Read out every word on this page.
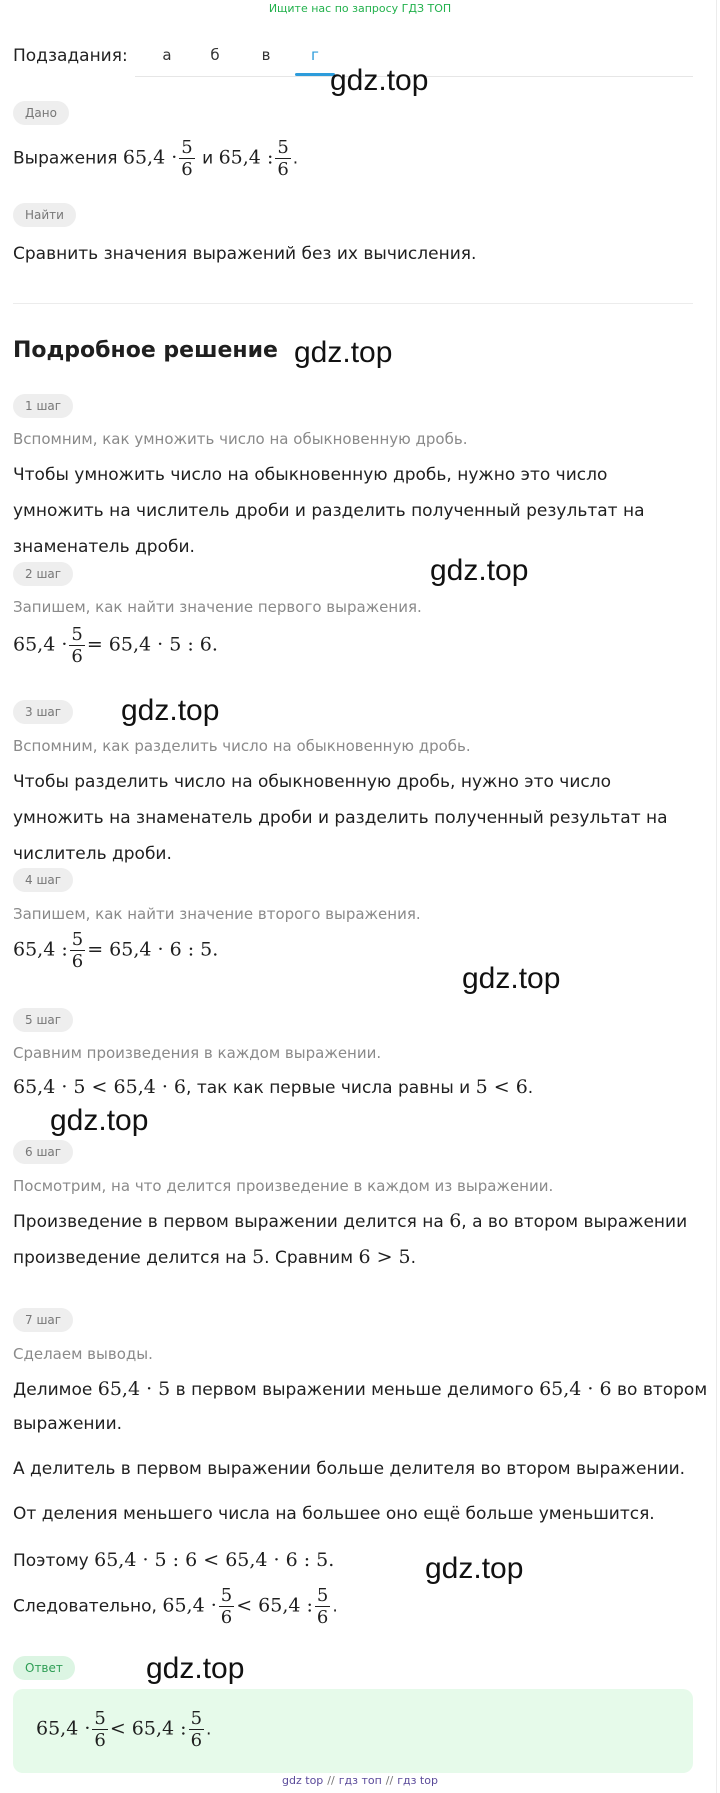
Ищите нас по запросу ГДЗ ТОП
Подзадания:	а	б	в	г
gdz.top
Дано
Выражения $65,4 \cdot \frac{5}{6}$ и 65,4 : $\frac{5}{6}$ .
Найти
Сравнить значения выражений без их вычисления.
Подробное решение gdz.top
1 шаг
Вспомним, как умножить число на обыкновенную дробь.
Чтобы умножить число на обыкновенную дробь, нужно это число умножить на числитель дроби и разделить полученный результат на знаменатель дроби.
2 шаг	gdz.top
Запишем, как найти значение первого выражения.
$65,4 \cdot \frac{5}{6} = 65,4 \cdot 5$ : 6.
3 шаг	gdz.top
Вспомним, как разделить число на обыкновенную дробь.
Чтобы разделить число на обыкновенную дробь, нужно это число умножить на знаменатель дроби и разделить полученный результат на числитель дроби.
4 шаг
Запишем, как найти значение второго выражения.
65,4 : $\frac{5}{6} = 65,4 \cdot 6$ : 5.
gdz.top
5 шаг
Сравним произведения в каждом выражении.
65,4 · 5 < 65,4 · 6, так как первые числа равны и 5 < 6.
gdz.top
6 шаг
Посмотрим, на что делится произведение в каждом из выражении.
Произведение в первом выражении делится на 6, а во втором выражении
произведение делится на 5. Сравним 6 > 5.
7 шаг
Сделаем выводы.
Делимое 65,4 · 5 в первом выражении меньше делимого 65,4 · 6 во втором
выражении.
А делитель в первом выражении больше делителя во втором выражении.
От деления меньшего числа на большее оно ещё больше уменьшится.
Поэтому 65,4 · 5 : 6 < 65,4 · 6 : 5.	gdz.top
Следовательно, $65,4 \cdot \frac{5}{6} < 65,4$ : $\frac{5}{6}$ .
Ответ	gdz.top
$65,4 \cdot \frac{5}{6} < 65,4$ : $\frac{5}{6}$ .
gdz top // гдз топ // гдз top
